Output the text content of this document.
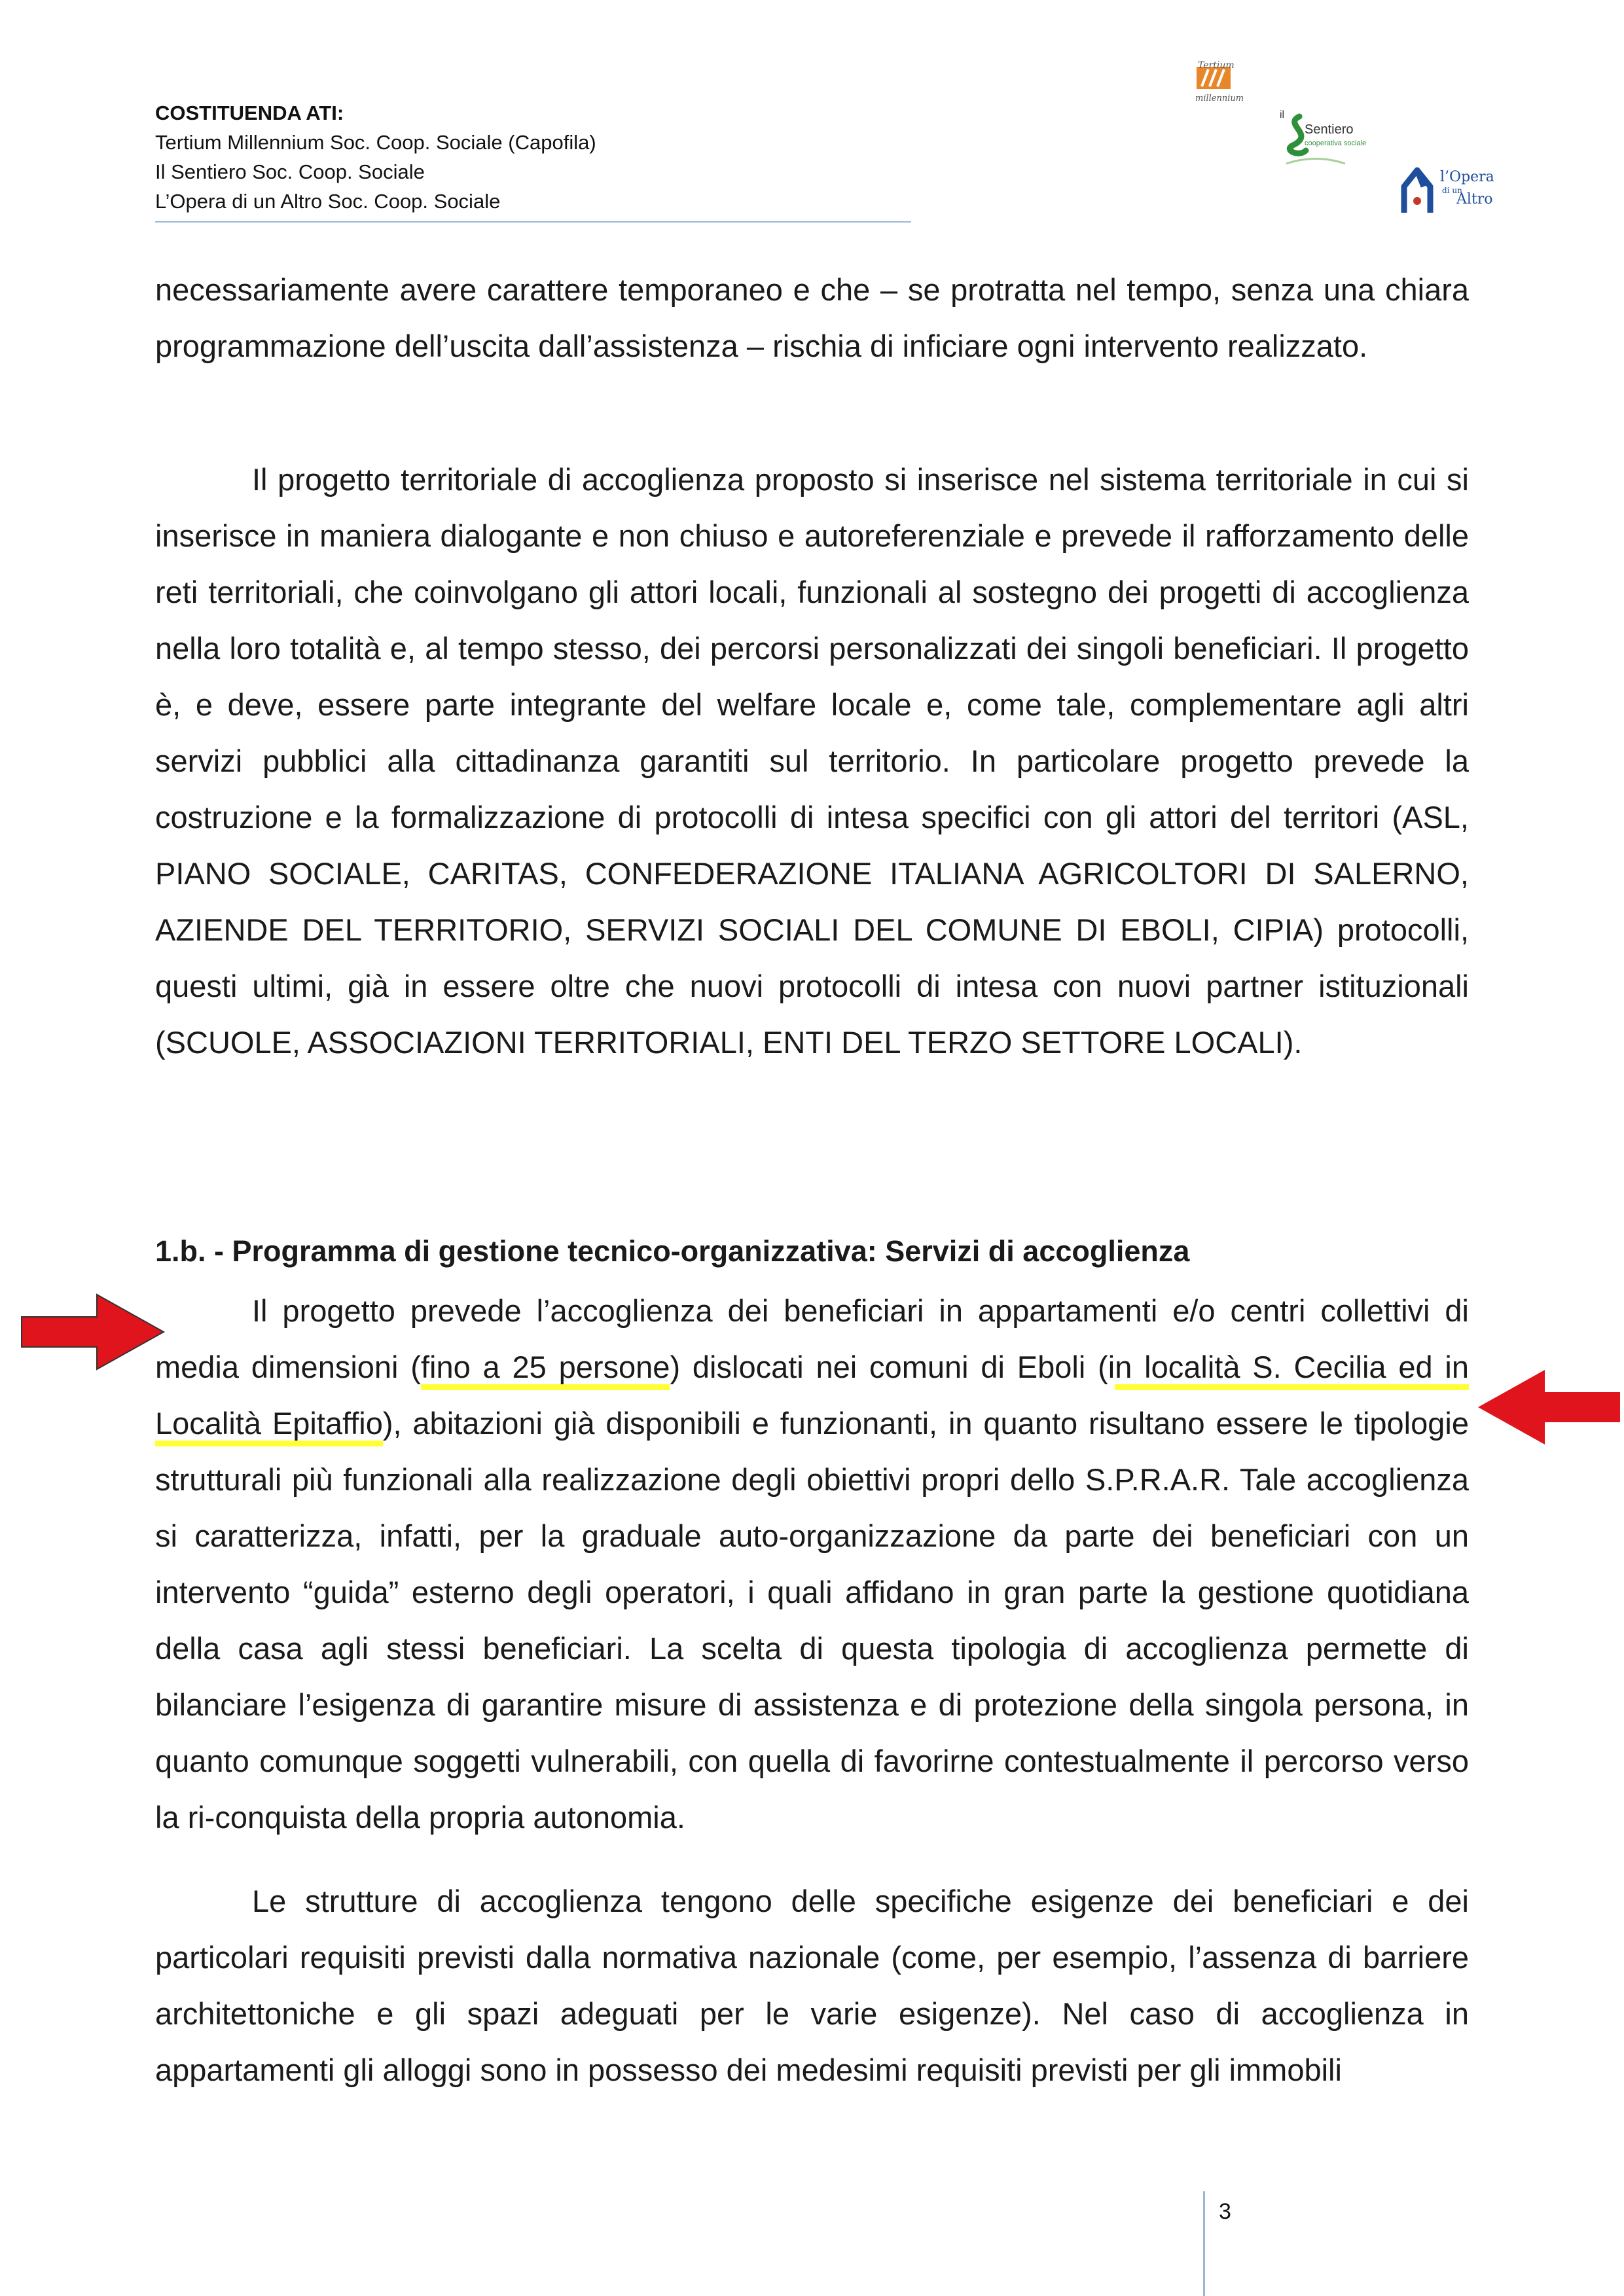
COSTITUENDA ATI:
Tertium Millennium Soc. Coop. Sociale (Capofila)
Il Sentiero Soc. Coop. Sociale
L’Opera di un Altro Soc. Coop. Sociale
Tertium
millennium
il
Sentiero
cooperativa sociale
l’Opera
di un
Altro

necessariamente avere carattere temporaneo e che – se protratta nel tempo, senza una chiara programmazione dell’uscita dall’assistenza – rischia di inficiare ogni intervento realizzato.

Il progetto territoriale di accoglienza proposto si inserisce nel sistema territoriale in cui si inserisce in maniera dialogante e non chiuso e autoreferenziale e prevede il rafforzamento delle reti territoriali, che coinvolgano gli attori locali, funzionali al sostegno dei progetti di accoglienza nella loro totalità e, al tempo stesso, dei percorsi personalizzati dei singoli beneficiari. Il progetto è, e deve, essere parte integrante del welfare locale e, come tale, complementare agli altri servizi pubblici alla cittadinanza garantiti sul territorio. In particolare progetto prevede la costruzione e la formalizzazione di protocolli di intesa specifici con gli attori del territori (ASL, PIANO SOCIALE, CARITAS, CONFEDERAZIONE ITALIANA AGRICOLTORI DI SALERNO, AZIENDE DEL TERRITORIO, SERVIZI SOCIALI DEL COMUNE DI EBOLI, CIPIA) protocolli, questi ultimi, già in essere oltre che nuovi protocolli di intesa con nuovi partner istituzionali (SCUOLE, ASSOCIAZIONI TERRITORIALI, ENTI DEL TERZO SETTORE LOCALI).

1.b. - Programma di gestione tecnico-organizzativa: Servizi di accoglienza

Il progetto prevede l’accoglienza dei beneficiari in appartamenti e/o centri collettivi di media dimensioni (fino a 25 persone) dislocati nei comuni di Eboli (in località S. Cecilia ed in Località Epitaffio), abitazioni già disponibili e funzionanti, in quanto risultano essere le tipologie strutturali più funzionali alla realizzazione degli obiettivi propri dello S.P.R.A.R. Tale accoglienza si caratterizza, infatti, per la graduale auto-organizzazione da parte dei beneficiari con un intervento “guida” esterno degli operatori, i quali affidano in gran parte la gestione quotidiana della casa agli stessi beneficiari. La scelta di questa tipologia di accoglienza permette di bilanciare l’esigenza di garantire misure di assistenza e di protezione della singola persona, in quanto comunque soggetti vulnerabili, con quella di favorirne contestualmente il percorso verso la ri-conquista della propria autonomia.

Le strutture di accoglienza tengono delle specifiche esigenze dei beneficiari e dei particolari requisiti previsti dalla normativa nazionale (come, per esempio, l’assenza di barriere architettoniche e gli spazi adeguati per le varie esigenze). Nel caso di accoglienza in appartamenti gli alloggi sono in possesso dei medesimi requisiti previsti per gli immobili

3
